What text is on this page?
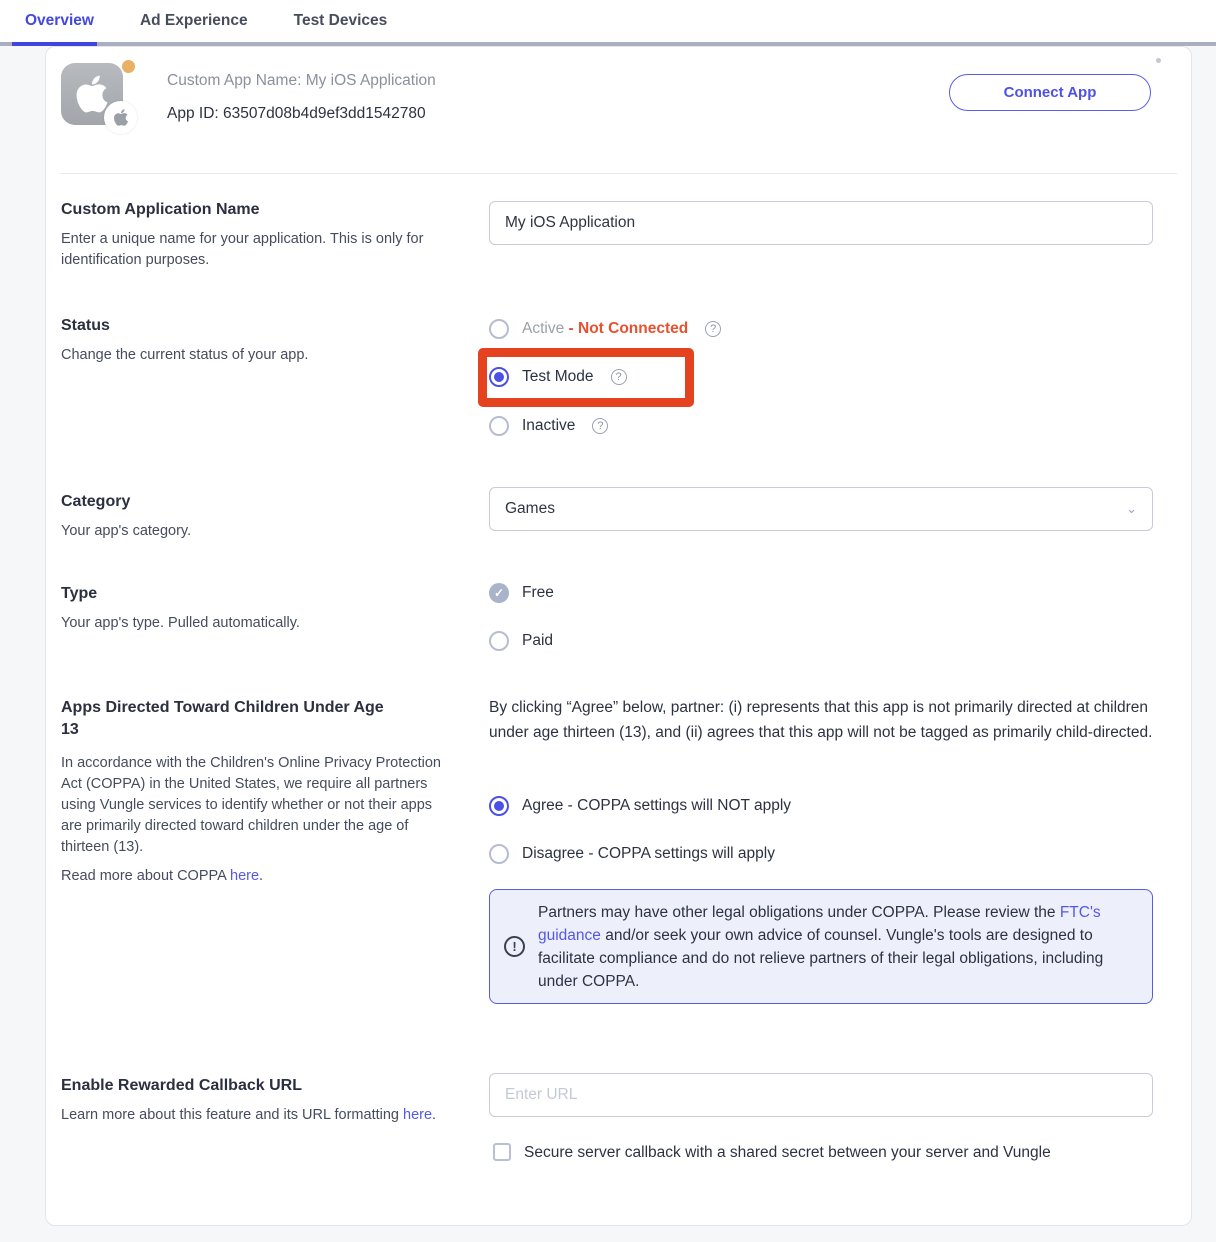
Overview	Ad Experience	Test Devices
Custom App Name: My iOS Application
App ID: 63507d08b4d9ef3dd1542780
Connect App
Custom Application Name
Enter a unique name for your application. This is only for identification purposes.
My iOS Application
Status
Change the current status of your app.
Active - Not Connected	?
Test Mode	?
Inactive	?
Category
Your app's category.
Games	⌄
Type
Your app's type. Pulled automatically.
✓	Free
Paid
Apps Directed Toward Children Under Age 13
In accordance with the Children's Online Privacy Protection Act (COPPA) in the United States, we require all partners using Vungle services to identify whether or not their apps are primarily directed toward children under the age of thirteen (13).
Read more about COPPA here.
By clicking “Agree” below, partner: (i) represents that this app is not primarily directed at children under age thirteen (13), and (ii) agrees that this app will not be tagged as primarily child-directed.
Agree - COPPA settings will NOT apply
Disagree - COPPA settings will apply
!
Partners may have other legal obligations under COPPA. Please review the FTC's guidance and/or seek your own advice of counsel. Vungle's tools are designed to facilitate compliance and do not relieve partners of their legal obligations, including under COPPA.
Enable Rewarded Callback URL
Learn more about this feature and its URL formatting here.
Enter URL
Secure server callback with a shared secret between your server and Vungle
